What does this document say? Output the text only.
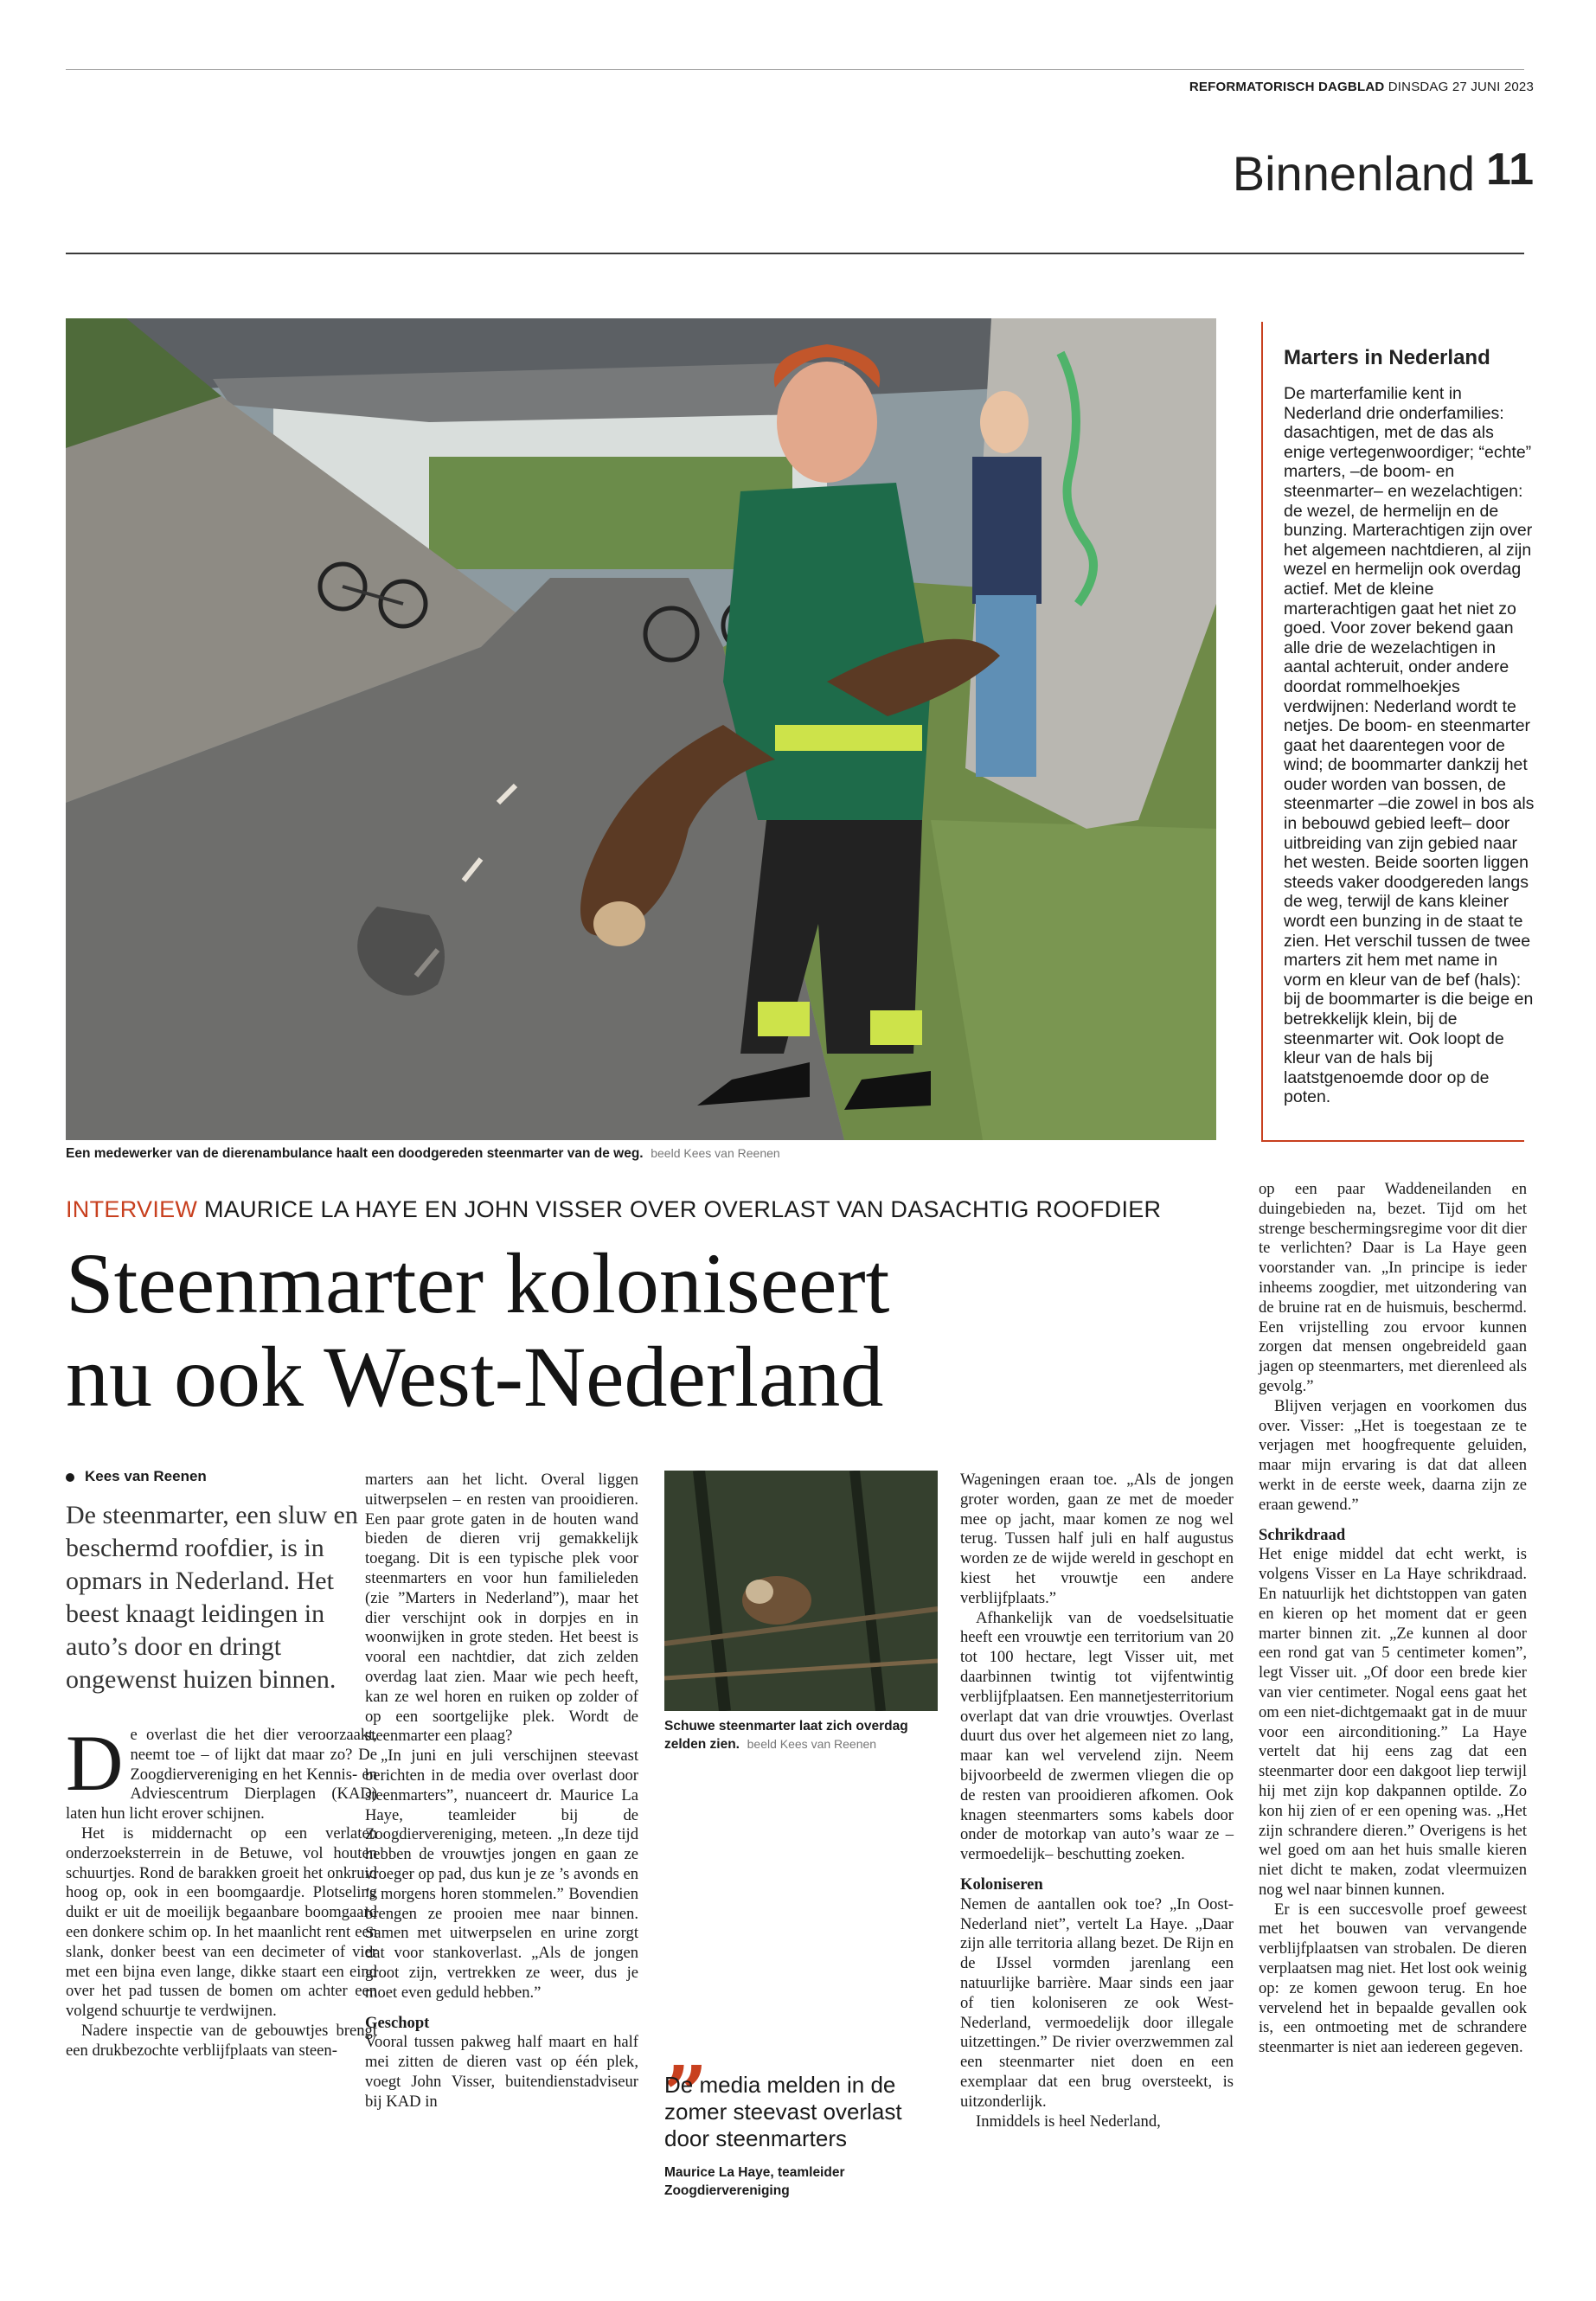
REFORMATORISCH DAGBLAD DINSDAG 27 JUNI 2023
Binnenland 11
Een medewerker van de dierenambulance haalt een doodgereden steenmarter van de weg. beeld Kees van Reenen
Marters in Nederland
De marterfamilie kent in Nederland drie onderfamilies: dasachtigen, met de das als enige vertegenwoordiger; “echte” marters, –de boom- en steenmarter– en wezelachtigen: de wezel, de hermelijn en de bunzing. Marterachtigen zijn over het algemeen nachtdieren, al zijn wezel en hermelijn ook overdag actief. Met de kleine marterachtigen gaat het niet zo goed. Voor zover bekend gaan alle drie de wezelachtigen in aantal achteruit, onder andere doordat rommelhoekjes verdwijnen: Nederland wordt te netjes. De boom- en steenmarter gaat het daarentegen voor de wind; de boommarter dankzij het ouder worden van bossen, de steenmarter –die zowel in bos als in bebouwd gebied leeft– door uitbreiding van zijn gebied naar het westen. Beide soorten liggen steeds vaker doodgereden langs de weg, terwijl de kans kleiner wordt een bunzing in de staat te zien. Het verschil tussen de twee marters zit hem met name in vorm en kleur van de bef (hals): bij de boommarter is die beige en betrekkelijk klein, bij de steenmarter wit. Ook loopt de kleur van de hals bij laatstgenoemde door op de poten.
INTERVIEW MAURICE LA HAYE EN JOHN VISSER OVER OVERLAST VAN DASACHTIG ROOFDIER
Steenmarter koloniseert
nu ook West-Nederland
Kees van Reenen
De steenmarter, een sluw en beschermd roofdier, is in opmars in Nederland. Het beest knaagt leidingen in auto’s door en dringt ongewenst huizen binnen.

De overlast die het dier veroorzaakt, neemt toe – of lijkt dat maar zo? De Zoogdiervereniging en het Kennis- en Adviescentrum Dierplagen (KAD) laten hun licht erover schijnen.

Het is middernacht op een verlaten onderzoeksterrein in de Betuwe, vol houten schuurtjes. Rond de barakken groeit het onkruid hoog op, ook in een boomgaardje. Plotseling duikt er uit de moeilijk begaanbare boomgaard een donkere schim op. In het maanlicht rent een slank, donker beest van een decimeter of vier met een bijna even lange, dikke staart een eind over het pad tussen de bomen om achter een volgend schuurtje te verdwijnen.

Nadere inspectie van de gebouwtjes brengt een drukbezochte verblijfplaats van steen-

marters aan het licht. Overal liggen uitwerpselen – en resten van prooidieren. Een paar grote gaten in de houten wand bieden de dieren vrij gemakkelijk toegang. Dit is een typische plek voor steenmarters en voor hun familieleden (zie ”Marters in Nederland”), maar het dier verschijnt ook in dorpjes en in woonwijken in grote steden. Het beest is vooral een nachtdier, dat zich zelden overdag laat zien. Maar wie pech heeft, kan ze wel horen en ruiken op zolder of op een soortgelijke plek. Wordt de steenmarter een plaag?

„In juni en juli verschijnen steevast berichten in de media over overlast door steenmarters”, nuanceert dr. Maurice La Haye, teamleider bij de Zoogdiervereniging, meteen. „In deze tijd hebben de vrouwtjes jongen en gaan ze vroeger op pad, dus kun je ze ’s avonds en ’s morgens horen stommelen.” Bovendien brengen ze prooien mee naar binnen. Samen met uitwerpselen en urine zorgt dat voor stankoverlast. „Als de jongen groot zijn, vertrekken ze weer, dus je moet even geduld hebben.”

Geschopt

Vooral tussen pakweg half maart en half mei zitten de dieren vast op één plek, voegt John Visser, buitendienstadviseur bij KAD in

Schuwe steenmarter laat zich overdag zelden zien. beeld Kees van Reenen
„
De media melden in de zomer steevast overlast door steenmarters
Maurice La Haye, teamleider Zoogdiervereniging

Wageningen eraan toe. „Als de jongen groter worden, gaan ze met de moeder mee op jacht, maar komen ze nog wel terug. Tussen half juli en half augustus worden ze de wijde wereld in geschopt en kiest het vrouwtje een andere verblijfplaats.”

Afhankelijk van de voedselsituatie heeft een vrouwtje een territorium van 20 tot 100 hectare, legt Visser uit, met daarbinnen twintig tot vijfentwintig verblijfplaatsen. Een mannetjesterritorium overlapt dat van drie vrouwtjes. Overlast duurt dus over het algemeen niet zo lang, maar kan wel vervelend zijn. Neem bijvoorbeeld de zwermen vliegen die op de resten van prooidieren afkomen. Ook knagen steenmarters soms kabels door onder de motorkap van auto’s waar ze –vermoedelijk– beschutting zoeken.

Koloniseren

Nemen de aantallen ook toe? „In Oost-Nederland niet”, vertelt La Haye. „Daar zijn alle territoria allang bezet. De Rijn en de IJssel vormden jarenlang een natuurlijke barrière. Maar sinds een jaar of tien koloniseren ze ook West-Nederland, vermoedelijk door illegale uitzettingen.” De rivier overzwemmen zal een steenmarter niet doen en een exemplaar dat een brug oversteekt, is uitzonderlijk.

Inmiddels is heel Nederland,

op een paar Waddeneilanden en duingebieden na, bezet. Tijd om het strenge beschermingsregime voor dit dier te verlichten? Daar is La Haye geen voorstander van. „In principe is ieder inheems zoogdier, met uitzondering van de bruine rat en de huismuis, beschermd. Een vrijstelling zou ervoor kunnen zorgen dat mensen ongebreideld gaan jagen op steenmarters, met dierenleed als gevolg.”

Blijven verjagen en voorkomen dus over. Visser: „Het is toegestaan ze te verjagen met hoogfrequente geluiden, maar mijn ervaring is dat dat alleen werkt in de eerste week, daarna zijn ze eraan gewend.”

Schrikdraad

Het enige middel dat echt werkt, is volgens Visser en La Haye schrikdraad. En natuurlijk het dichtstoppen van gaten en kieren op het moment dat er geen marter binnen zit. „Ze kunnen al door een rond gat van 5 centimeter komen”, legt Visser uit. „Of door een brede kier van vier centimeter. Nogal eens gaat het om een niet-dichtgemaakt gat in de muur voor een airconditioning.” La Haye vertelt dat hij eens zag dat een steenmarter door een dakgoot liep terwijl hij met zijn kop dakpannen optilde. Zo kon hij zien of er een opening was. „Het zijn schrandere dieren.” Overigens is het wel goed om aan het huis smalle kieren niet dicht te maken, zodat vleermuizen nog wel naar binnen kunnen.

Er is een succesvolle proef geweest met het bouwen van vervangende verblijfplaatsen van strobalen. De dieren verplaatsen mag niet. Het lost ook weinig op: ze komen gewoon terug. En hoe vervelend het in bepaalde gevallen ook is, een ontmoeting met de schrandere steenmarter is niet aan iedereen gegeven.
